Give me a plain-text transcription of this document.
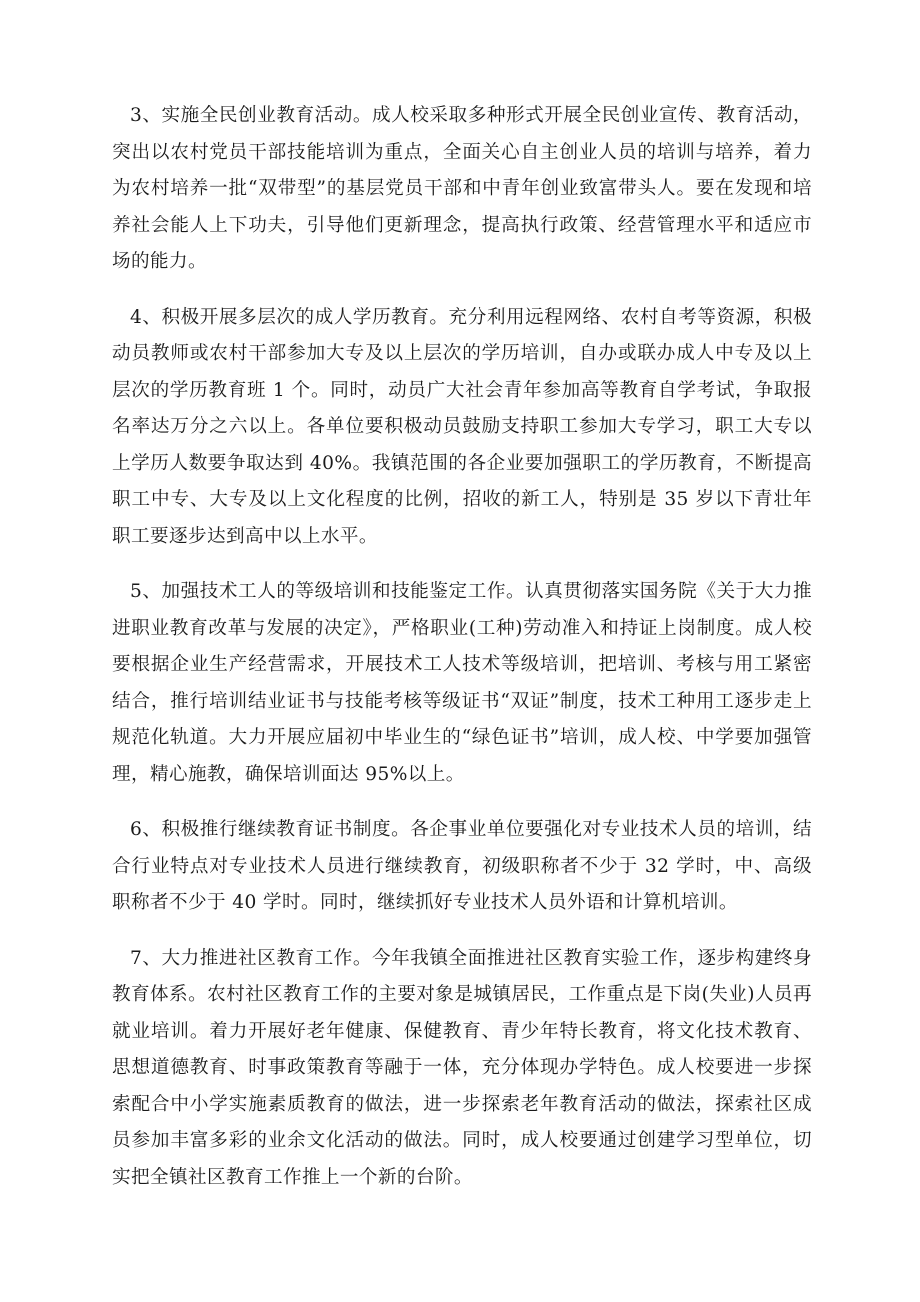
3、实施全民创业教育活动。成人校采取多种形式开展全民创业宣传、教育活动，突出以农村党员干部技能培训为重点，全面关心自主创业人员的培训与培养，着力为农村培养一批“双带型”的基层党员干部和中青年创业致富带头人。要在发现和培养社会能人上下功夫，引导他们更新理念，提高执行政策、经营管理水平和适应市场的能力。

4、积极开展多层次的成人学历教育。充分利用远程网络、农村自考等资源，积极动员教师或农村干部参加大专及以上层次的学历培训，自办或联办成人中专及以上层次的学历教育班 1 个。同时，动员广大社会青年参加高等教育自学考试，争取报名率达万分之六以上。各单位要积极动员鼓励支持职工参加大专学习，职工大专以上学历人数要争取达到 40%。我镇范围的各企业要加强职工的学历教育，不断提高职工中专、大专及以上文化程度的比例，招收的新工人，特别是 35 岁以下青壮年职工要逐步达到高中以上水平。

5、加强技术工人的等级培训和技能鉴定工作。认真贯彻落实国务院《关于大力推进职业教育改革与发展的决定》，严格职业(工种)劳动准入和持证上岗制度。成人校要根据企业生产经营需求，开展技术工人技术等级培训，把培训、考核与用工紧密结合，推行培训结业证书与技能考核等级证书“双证”制度，技术工种用工逐步走上规范化轨道。大力开展应届初中毕业生的“绿色证书”培训，成人校、中学要加强管理，精心施教，确保培训面达 95%以上。

6、积极推行继续教育证书制度。各企事业单位要强化对专业技术人员的培训，结合行业特点对专业技术人员进行继续教育，初级职称者不少于 32 学时，中、高级职称者不少于 40 学时。同时，继续抓好专业技术人员外语和计算机培训。

7、大力推进社区教育工作。今年我镇全面推进社区教育实验工作，逐步构建终身教育体系。农村社区教育工作的主要对象是城镇居民，工作重点是下岗(失业)人员再就业培训。着力开展好老年健康、保健教育、青少年特长教育，将文化技术教育、思想道德教育、时事政策教育等融于一体，充分体现办学特色。成人校要进一步探索配合中小学实施素质教育的做法，进一步探索老年教育活动的做法，探索社区成员参加丰富多彩的业余文化活动的做法。同时，成人校要通过创建学习型单位，切实把全镇社区教育工作推上一个新的台阶。
